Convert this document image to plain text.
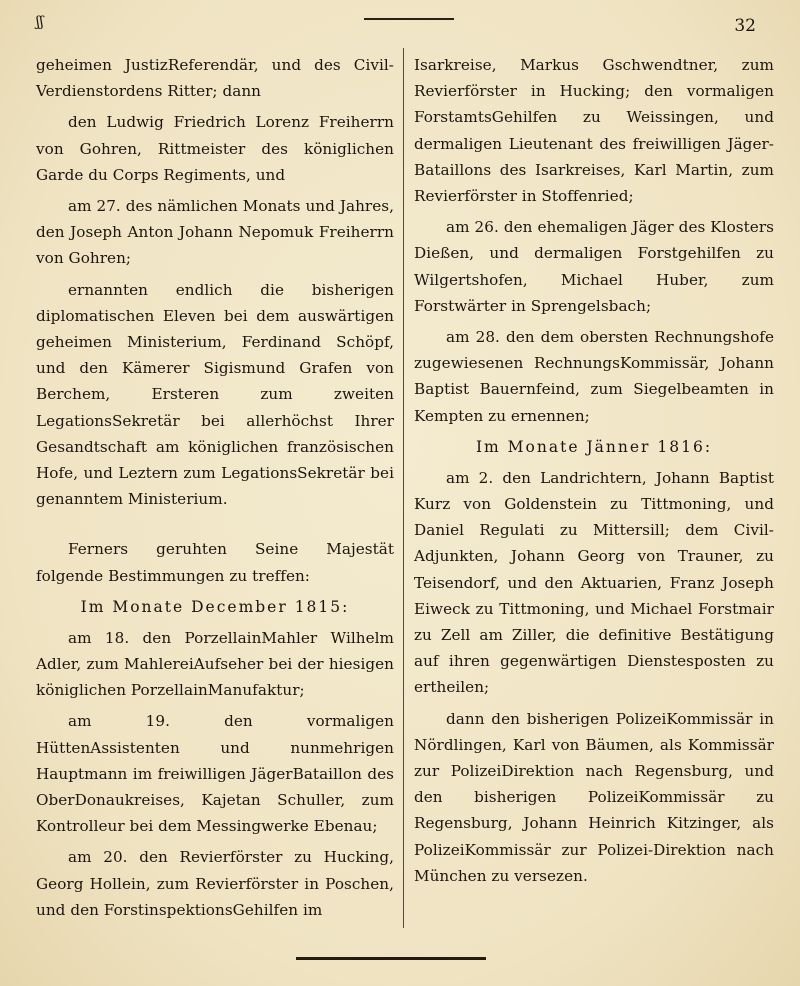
ʃʃ	32

geheimen JustizReferendär, und des Civil-Verdienstordens Ritter; dann

den Ludwig Friedrich Lorenz Freiherrn von Gohren, Rittmeister des königlichen Garde du Corps Regiments, und

am 27. des nämlichen Monats und Jahres, den Joseph Anton Johann Nepomuk Freiherrn von Gohren;

ernannten endlich die bisherigen diplomatischen Eleven bei dem auswärtigen geheimen Ministerium, Ferdinand Schöpf, und den Kämerer Sigismund Grafen von Berchem, Ersteren zum zweiten LegationsSekretär bei allerhöchst Ihrer Gesandtschaft am königlichen französischen Hofe, und Leztern zum LegationsSekretär bei genanntem Ministerium.

Ferners geruhten Seine Majestät folgende Bestimmungen zu treffen:

Im Monate December 1815:

am 18. den PorzellainMahler Wilhelm Adler, zum MahlereiAufseher bei der hiesigen königlichen PorzellainManufaktur;

am 19. den vormaligen HüttenAssistenten und nunmehrigen Hauptmann im freiwilligen JägerBataillon des OberDonaukreises, Kajetan Schuller, zum Kontrolleur bei dem Messingwerke Ebenau;

am 20. den Revierförster zu Hucking, Georg Hollein, zum Revierförster in Poschen, und den ForstinspektionsGehilfen im

Isarkreise, Markus Gschwendtner, zum Revierförster in Hucking; den vormaligen ForstamtsGehilfen zu Weissingen, und dermaligen Lieutenant des freiwilligen Jäger-Bataillons des Isarkreises, Karl Martin, zum Revierförster in Stoffenried;

am 26. den ehemaligen Jäger des Klosters Dießen, und dermaligen Forstgehilfen zu Wilgertshofen, Michael Huber, zum Forstwärter in Sprengelsbach;

am 28. den dem obersten Rechnungshofe zugewiesenen RechnungsKommissär, Johann Baptist Bauernfeind, zum Siegelbeamten in Kempten zu ernennen;

Im Monate Jänner 1816:

am 2. den Landrichtern, Johann Baptist Kurz von Goldenstein zu Tittmoning, und Daniel Regulati zu Mittersill; dem Civil-Adjunkten, Johann Georg von Trauner, zu Teisendorf, und den Aktuarien, Franz Joseph Eiweck zu Tittmoning, und Michael Forstmair zu Zell am Ziller, die definitive Bestätigung auf ihren gegenwärtigen Dienstesposten zu ertheilen;

dann den bisherigen PolizeiKommissär in Nördlingen, Karl von Bäumen, als Kommissär zur PolizeiDirektion nach Regensburg, und den bisherigen PolizeiKommissär zu Regensburg, Johann Heinrich Kitzinger, als PolizeiKommissär zur Polizei-Direktion nach München zu versezen.
